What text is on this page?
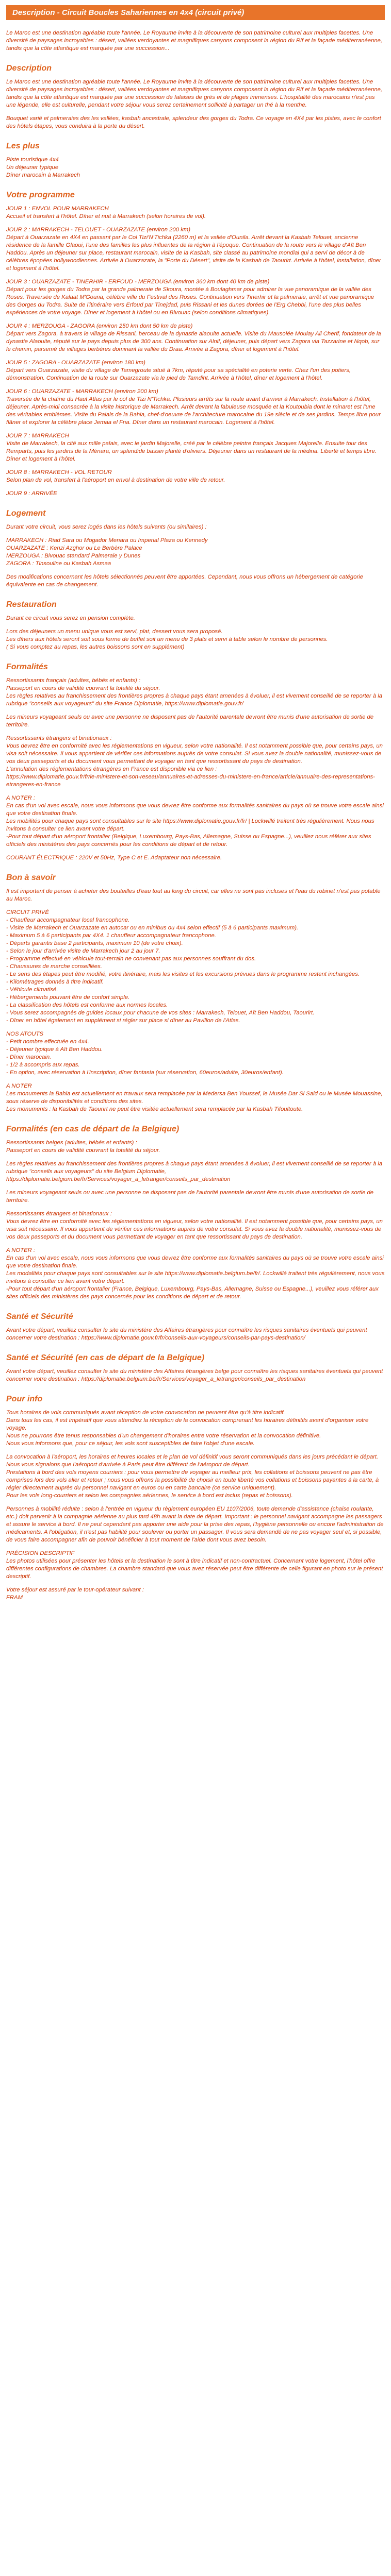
Description - Circuit Boucles Sahariennes en 4x4 (circuit privé)
Le Maroc est une destination agréable toute l'année. Le Royaume invite à la découverte de son patrimoine culturel aux multiples facettes. Une diversité de paysages incroyables : désert, vallées verdoyantes et magnifiques canyons composent la région du Rif et la façade méditerranéenne, tandis que la côte atlantique est marquée par une succession...
Description
Le Maroc est une destination agréable toute l'année. Le Royaume invite à la découverte de son patrimoine culturel aux multiples facettes. Une diversité de paysages incroyables : désert, vallées verdoyantes et magnifiques canyons composent la région du Rif et la façade méditerranéenne, tandis que la côte atlantique est marquée par une succession de falaises de grès et de plages immenses. L'hospitalité des marocains n'est pas une légende, elle est culturelle, pendant votre séjour vous serez certainement sollicité à partager un thé à la menthe.
Bouquet varié et palmeraies des les vallées, kasbah ancestrale, splendeur des gorges du Todra. Ce voyage en 4X4 par les pistes, avec le confort des hôtels étapes, vous conduira à la porte du désert.
Les plus
Piste touristique 4x4
Un déjeuner typique
Dîner marocain à Marrakech
Votre programme
JOUR 1 : ENVOL POUR MARRAKECH
Accueil et transfert à l'hôtel. Dîner et nuit à Marrakech (selon horaires de vol).
JOUR 2 : MARRAKECH - TELOUET - OUARZAZATE (environ 200 km)
Départ à Ouarzazate en 4X4 en passant par le Col Tizi'N'Tichka (2260 m) et la vallée d'Ounila. Arrêt devant la Kasbah Telouet, ancienne résidence de la famille Glaoui, l'une des familles les plus influentes de la région à l'époque. Continuation de la route vers le village d'Aït Ben Haddou. Après un déjeuner sur place, restaurant marocain, visite de la Kasbah, site classé au patrimoine mondial qui a servi de décor à de célèbres épopées hollywoodiennes. Arrivée à Ouarzazate, la "Porte du Désert", visite de la Kasbah de Taourirt. Arrivée à l'hôtel, installation, dîner et logement à l'hôtel.
JOUR 3 : OUARZAZATE - TINERHIR - ERFOUD - MERZOUGA (environ 360 km dont 40 km de piste)
Départ pour les gorges du Todra par la grande palmeraie de Skoura, montée à Boulaghmar pour admirer la vue panoramique de la vallée des Roses. Traversée de Kalaat M'Gouna, célèbre ville du Festival des Roses. Continuation vers Tinerhir et la palmeraie, arrêt et vue panoramique des Gorges du Todra. Suite de l'itinéraire vers Erfoud par Tinejdad, puis Rissani et les dunes dorées de l'Erg Chebbi, l'une des plus belles expériences de votre voyage. Dîner et logement à l'hôtel ou en Bivouac (selon conditions climatiques).
JOUR 4 : MERZOUGA - ZAGORA (environ 250 km dont 50 km de piste)
Départ vers Zagora, à travers le village de Rissani, berceau de la dynastie alaouite actuelle. Visite du Mausolée Moulay Ali Cherif, fondateur de la dynastie Alaouite, réputé sur le pays depuis plus de 300 ans. Continuation sur Alnif, déjeuner, puis départ vers Zagora via Tazzarine et Nqob, sur le chemin, parsemé de villages berbères dominant la vallée du Draa. Arrivée à Zagora, dîner et logement à l'hôtel.
JOUR 5 : ZAGORA - OUARZAZATE (environ 180 km)
Départ vers Ouarzazate, visite du village de Tamegroute situé à 7km, réputé pour sa spécialité en poterie verte. Chez l'un des potiers, démonstration. Continuation de la route sur Ouarzazate via le pied de Tamdiht. Arrivée à l'hôtel, dîner et logement à l'hôtel.
JOUR 6 : OUARZAZATE - MARRAKECH (environ 200 km)
Traversée de la chaîne du Haut Atlas par le col de Tizi N'Tichka. Plusieurs arrêts sur la route avant d'arriver à Marrakech. Installation à l'hôtel, déjeuner. Après-midi consacrée à la visite historique de Marrakech. Arrêt devant la fabuleuse mosquée et la Koutoubia dont le minaret est l'une des véritables emblèmes. Visite du Palais de la Bahia, chef-d'oeuvre de l'architecture marocaine du 19e siècle et de ses jardins. Temps libre pour flâner et explorer la célèbre place Jemaa el Fna. Dîner dans un restaurant marocain. Logement à l'hôtel.
JOUR 7 : MARRAKECH
Visite de Marrakech, la cité aux mille palais, avec le jardin Majorelle, créé par le célèbre peintre français Jacques Majorelle. Ensuite tour des Remparts, puis les jardins de la Ménara, un splendide bassin planté d'oliviers. Déjeuner dans un restaurant de la médina. Liberté et temps libre. Dîner et logement à l'hôtel.
JOUR 8 : MARRAKECH - VOL RETOUR
Selon plan de vol, transfert à l'aéroport en envol à destination de votre ville de retour.
JOUR 9 : ARRIVÉE
Logement
Durant votre circuit, vous serez logés dans les hôtels suivants (ou similaires) :
MARRAKECH : Riad Sara ou Mogador Menara ou Imperial Plaza ou Kennedy
OUARZAZATE : Kenzi Azghor ou Le Berbère Palace
MERZOUGA : Bivouac standard Palmeraie y Dunes
ZAGORA : Tinsouline ou Kasbah Asmaa
Des modifications concernant les hôtels sélectionnés peuvent être apportées. Cependant, nous vous offrons un hébergement de catégorie équivalente en cas de changement.
Restauration
Durant ce circuit vous serez en pension complète.
Lors des déjeuners un menu unique vous est servi, plat, dessert vous sera proposé.
Les dîners aux hôtels seront soit sous forme de buffet soit un menu de 3 plats et servi à table selon le nombre de personnes.
( Si vous comptez au repas, les autres boissons sont en supplément)
Formalités
Ressortissants français (adultes, bébés et enfants) :
Passeport en cours de validité couvrant la totalité du séjour.
Les règles relatives au franchissement des frontières propres à chaque pays étant amenées à évoluer, il est vivement conseillé de se reporter à la rubrique "conseils aux voyageurs" du site France Diplomatie, https://www.diplomatie.gouv.fr/
Les mineurs voyageant seuls ou avec une personne ne disposant pas de l'autorité parentale devront être munis d'une autorisation de sortie de territoire.
Ressortissants étrangers et binationaux :
Vous devrez être en conformité avec les réglementations en vigueur, selon votre nationalité. Il est notamment possible que, pour certains pays, un visa soit nécessaire. Il vous appartient de vérifier ces informations auprès de votre consulat. Si vous avez la double nationalité, munissez-vous de vos deux passeports et du document vous permettant de voyager en tant que ressortissant du pays de destination.
L'annulation des réglementations étrangères en France est disponible via ce lien :
https://www.diplomatie.gouv.fr/fr/le-ministere-et-son-reseau/annuaires-et-adresses-du-ministere-en-france/article/annuaire-des-representations-etrangeres-en-france
A NOTER :
En cas d'un vol avec escale, nous vous informons que vous devrez être conforme aux formalités sanitaires du pays où se trouve votre escale ainsi que votre destination finale.
Les mobilités pour chaque pays sont consultables sur le site https://www.diplomatie.gouv.fr/fr/ | Lockwillé traitent très régulièrement. Nous nous invitons à consulter ce lien avant votre départ.
-Pour tout départ d'un aéroport frontalier (Belgique, Luxembourg, Pays-Bas, Allemagne, Suisse ou Espagne...), veuillez nous référer aux sites officiels des ministères des pays concernés pour les conditions de départ et de retour.
COURANT ÉLECTRIQUE : 220V et 50Hz, Type C et E. Adaptateur non nécessaire.
Bon à savoir
Il est important de penser à acheter des bouteilles d'eau tout au long du circuit, car elles ne sont pas incluses et l'eau du robinet n'est pas potable au Maroc.
CIRCUIT PRIVÉ
- Chauffeur accompagnateur local francophone.
- Visite de Marrakech et Ouarzazate en autocar ou en minibus ou 4x4 selon effectif (5 à 6 participants maximum).
- Maximum 5 à 6 participants par 4X4. 1 chauffeur accompagnateur francophone.
- Départs garantis base 2 participants, maximum 10 (de votre choix).
- Selon le jour d'arrivée visite de Marrakech jour 2 au jour 7.
- Programme effectué en véhicule tout-terrain ne convenant pas aux personnes souffrant du dos.
- Chaussures de marche conseillées.
- Le sens des étapes peut être modifié, votre itinéraire, mais les visites et les excursions prévues dans le programme restent inchangées.
- Kilométrages donnés à titre indicatif.
- Véhicule climatisé.
- Hébergements pouvant être de confort simple.
- La classification des hôtels est conforme aux normes locales.
- Vous serez accompagnés de guides locaux pour chacune de vos sites : Marrakech, Telouet, Aït Ben Haddou, Taourirt.
- Dîner en hôtel également en supplément si régler sur place si dîner au Pavillon de l'Atlas.
NOS ATOUTS
- Petit nombre effectuée en 4x4.
- Déjeuner typique à Aït Ben Haddou.
- Dîner marocain.
- 1/2 à accompris aux repas.
- En option, avec réservation à l'inscription, dîner fantasia (sur réservation, 60euros/adulte, 30euros/enfant).
A NOTER
Les monuments la Bahia est actuellement en travaux sera remplacée par la Medersa Ben Youssef, le Musée Dar Si Said ou le Musée Mouassine, sous réserve de disponibilités et conditions des sites.
Les monuments : la Kasbah de Taourirt ne peut être visitée actuellement sera remplacée par la Kasbah Tifoultoute.
Formalités (en cas de départ de la Belgique)
Ressortissants belges (adultes, bébés et enfants) :
Passeport en cours de validité couvrant la totalité du séjour.
Les règles relatives au franchissement des frontières propres à chaque pays étant amenées à évoluer, il est vivement conseillé de se reporter à la rubrique "conseils aux voyageurs" du site Belgium Diplomatie, https://diplomatie.belgium.be/fr/Services/voyager_a_letranger/conseils_par_destination
Les mineurs voyageant seuls ou avec une personne ne disposant pas de l'autorité parentale devront être munis d'une autorisation de sortie de territoire.
Ressortissants étrangers et binationaux :
Vous devrez être en conformité avec les réglementations en vigueur, selon votre nationalité. Il est notamment possible que, pour certains pays, un visa soit nécessaire. Il vous appartient de vérifier ces informations auprès de votre consulat. Si vous avez la double nationalité, munissez-vous de vos deux passeports et du document vous permettant de voyager en tant que ressortissant du pays de destination.
A NOTER :
En cas d'un vol avec escale, nous vous informons que vous devrez être conforme aux formalités sanitaires du pays où se trouve votre escale ainsi que votre destination finale.
Les modalités pour chaque pays sont consultables sur le site https://www.diplomatie.belgium.be/fr/. Lockwillé traitent très régulièrement, nous vous invitons à consulter ce lien avant votre départ.
-Pour tout départ d'un aéroport frontalier (France, Belgique, Luxembourg, Pays-Bas, Allemagne, Suisse ou Espagne...), veuillez vous référer aux sites officiels des ministères des pays concernés pour les conditions de départ et de retour.
Santé et Sécurité
Avant votre départ, veuillez consulter le site du ministère des Affaires étrangères pour connaître les risques sanitaires éventuels qui peuvent concerner votre destination : https://www.diplomatie.gouv.fr/fr/conseils-aux-voyageurs/conseils-par-pays-destination/
Santé et Sécurité (en cas de départ de la Belgique)
Avant votre départ, veuillez consulter le site du ministère des Affaires étrangères belge pour connaître les risques sanitaires éventuels qui peuvent concerner votre destination : https://diplomatie.belgium.be/fr/Services/voyager_a_letranger/conseils_par_destination
Pour info
Tous horaires de vols communiqués avant réception de votre convocation ne peuvent être qu'à titre indicatif.
Dans tous les cas, il est impératif que vous attendiez la réception de la convocation comprenant les horaires définitifs avant d'organiser votre voyage.
Nous ne pourrons être tenus responsables d'un changement d'horaires entre votre réservation et la convocation définitive.
Nous vous informons que, pour ce séjour, les vols sont susceptibles de faire l'objet d'une escale.
La convocation à l'aéroport, les horaires et heures locales et le plan de vol définitif vous seront communiqués dans les jours précédant le départ.
Nous vous signalons que l'aéroport d'arrivée à Paris peut être différent de l'aéroport de départ.
Prestations à bord des vols moyens courriers : pour vous permettre de voyager au meilleur prix, les collations et boissons peuvent ne pas être comprises lors des vols aller et retour ; nous vous offrons la possibilité de choisir en toute liberté vos collations et boissons payantes à la carte, à régler directement auprès du personnel navigant en euros ou en carte bancaire (ce service uniquement).
Pour les vols long-courriers et selon les compagnies aériennes, le service à bord est inclus (repas et boissons).
Personnes à mobilité réduite : selon à l'entrée en vigueur du règlement européen EU 1107/2006, toute demande d'assistance (chaise roulante, etc.) doit parvenir à la compagnie aérienne au plus tard 48h avant la date de départ. Important : le personnel navigant accompagne les passagers et assure le service à bord. Il ne peut cependant pas apporter une aide pour la prise des repas, l'hygiène personnelle ou encore l'administration de médicaments. A l'obligation, il n'est pas habilité pour soulever ou porter un passager. Il vous sera demandé de ne pas voyager seul et, si possible, de vous faire accompagner afin de pouvoir bénéficier à tout moment de l'aide dont vous avez besoin.
PRÉCISION DESCRIPTIF
Les photos utilisées pour présenter les hôtels et la destination le sont à titre indicatif et non-contractuel. Concernant votre logement, l'hôtel offre différentes configurations de chambres. La chambre standard que vous avez réservée peut être différente de celle figurant en photo sur le présent descriptif.
Votre séjour est assuré par le tour-opérateur suivant :
FRAM
